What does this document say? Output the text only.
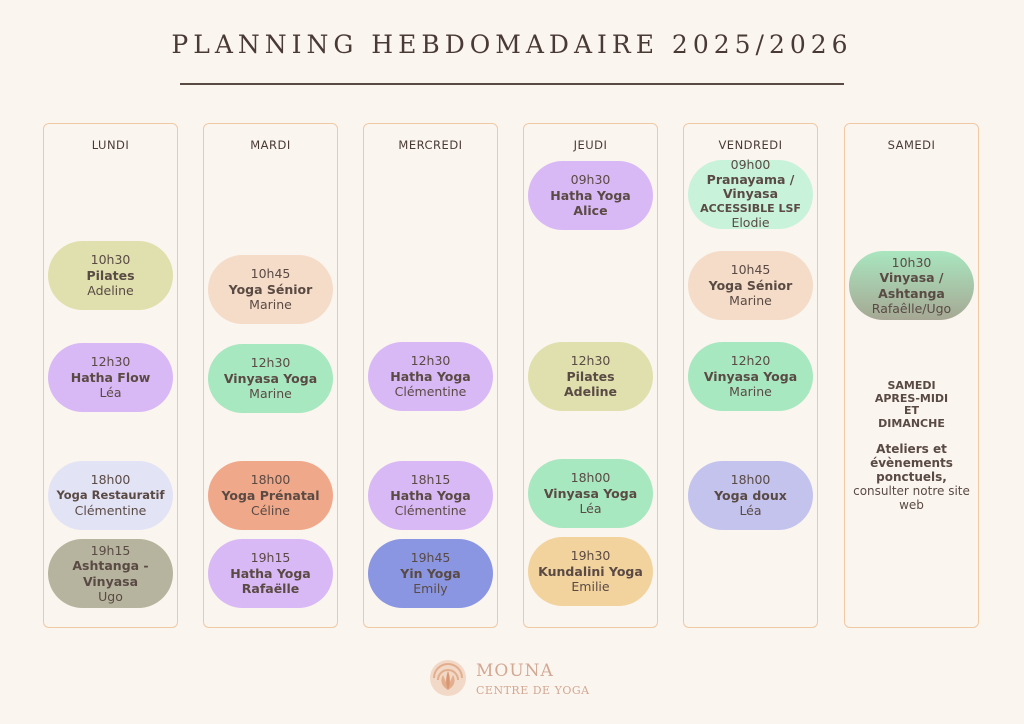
PLANNING HEBDOMADAIRE 2025/2026
LUNDI
10h30
Pilates
Adeline
12h30
Hatha Flow
Léa
18h00
Yoga Restauratif
Clémentine
19h15
Ashtanga - Vinyasa
Ugo
MARDI
10h45
Yoga Sénior
Marine
12h30
Vinyasa Yoga
Marine
18h00
Yoga Prénatal
Céline
19h15
Hatha Yoga
Rafaëlle
MERCREDI
12h30
Hatha Yoga
Clémentine
18h15
Hatha Yoga
Clémentine
19h45
Yin Yoga
Emily
JEUDI
09h30
Hatha Yoga
Alice
12h30
Pilates
Adeline
18h00
Vinyasa Yoga
Léa
19h30
Kundalini Yoga
Emilie
VENDREDI
09h00
Pranayama / Vinyasa
ACCESSIBLE LSF
Elodie
10h45
Yoga Sénior
Marine
12h20
Vinyasa Yoga
Marine
18h00
Yoga doux
Léa
SAMEDI
10h30
Vinyasa / Ashtanga
Rafaêlle/Ugo
SAMEDI APRES-MIDI ET DIMANCHE
Ateliers et évènements ponctuels,
consulter notre site web
MOUNA
CENTRE DE YOGA
